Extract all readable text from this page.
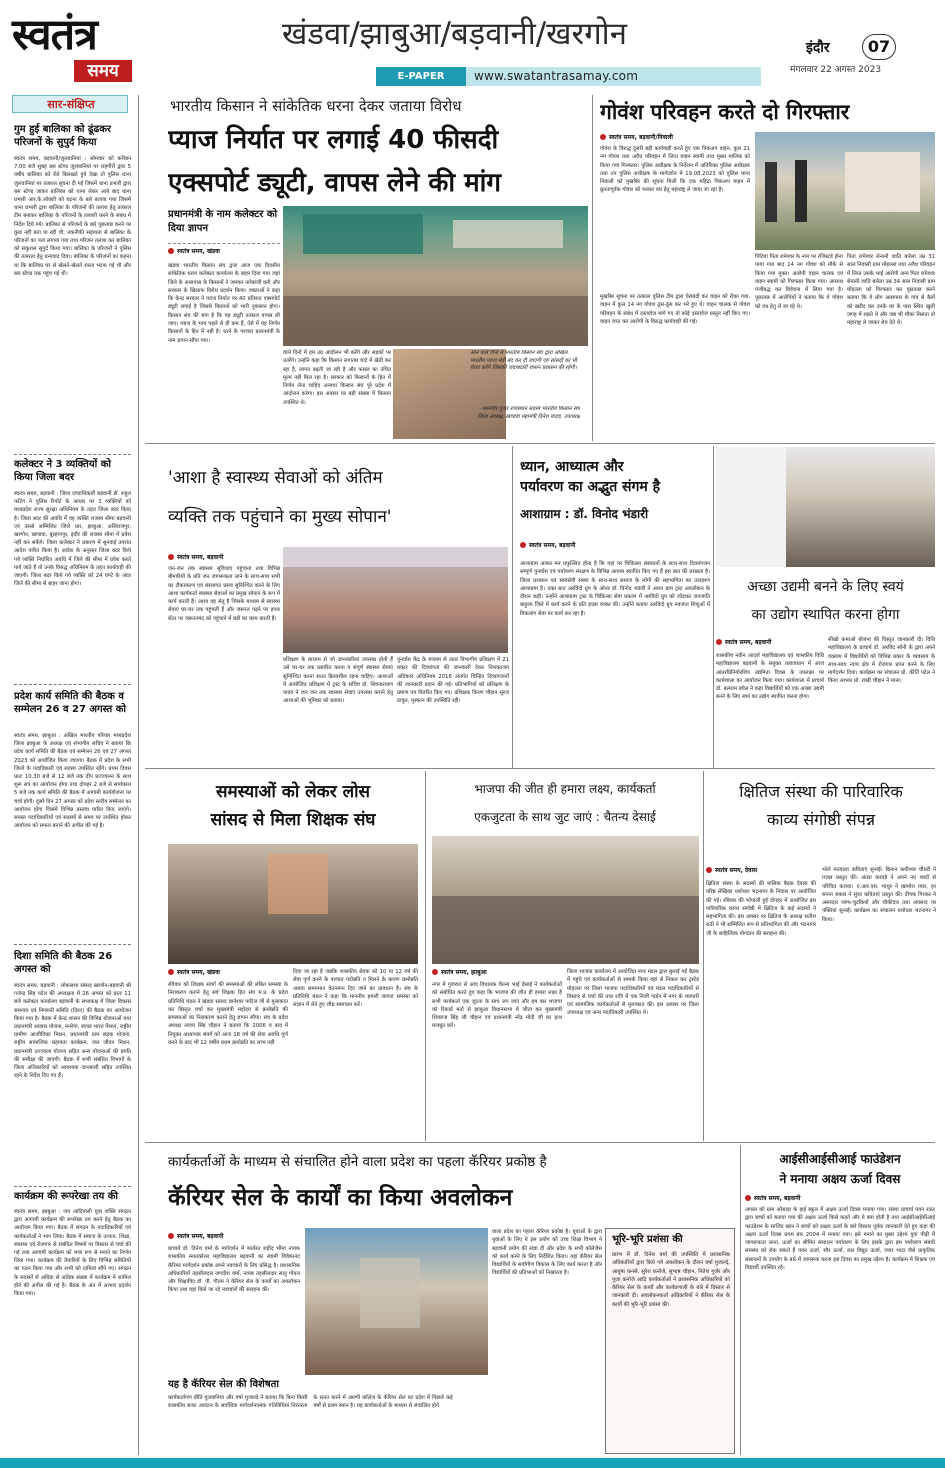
स्वतंत्र
समय
खंडवा/झाबुआ/बड़वानी/खरगोन
E-PAPER	www.swatantrasamay.com
इंदौर	07
मंगलवार 22 अगस्त 2023
सार-संक्षिप्त
गुम हुई बालिका को ढूंढकर परिजनों के सुपुर्द किया
स्वतंत्र समय, बड़वानी/जुलवानियां : सोमवार को करीबन 7.00 बजे सुबह बस स्टेण्ड जुलवानियां पर राहगीरों द्वारा 5 वर्षीय बालिका को रोते बिलखते हुये देखा तो पुलिस थाना जुलवानियां पर तत्काल सूचना दी गई जिसमें थाना प्रभारी द्वारा बस स्टेण्ड जाकर बालिका को थाना लेकर आये बाद थाना प्रभारी आर.के.लोवंशी को घटना के बारे बताया गया जिसमें थाना प्रभारी द्वारा बालिका के परिजनों की तलाश हेतु तत्काल टीम बनाकर बालिका के परिजनों के तलाशी करने के संबंध में निर्देश दिये गये। बालिका से परिजनों के बारे पूछताछ करने पर कुछ नहीं बता पा रही थी, तकनीकी सहायता से बालिका के परिजनों का पता लगाया गया तथा परिजन तलाश कर बालिका को सकुशल सुपुर्द किया गया। बालिका के परिजनों ने पुलिस की तत्परता हेतु धन्यवाद दिया। बालिका के परिजनों का कहना था कि बालिका घर से खेलते-खेलते रास्ता भटक गई थी और बस स्टेण्ड तक पहुंच गई थी।
कलेक्टर ने 3 व्यक्तियों को किया जिला बदर
स्वतंत्र समय, बड़वानी : जिला दण्डाधिकारी बड़वानी डॉ. राहुल फटिंग ने पुलिस रिपोर्ट के आधार पर 3 व्यक्तियों को मध्यप्रदेश राज्य सुरक्षा अधिनियम के तहत जिला बदर किया है। जिला बदर की अवधि में वह व्यक्ति राजस्व सीमा बड़वानी एवं उससे सम्मिलित जिले धार, झाबुआ, अलिराजपुर, खरगोन, खण्डवा, बुरहानपुर, इंदौर की राजस्व सीमा में प्रवेश नहीं कर सकेंगे। जिला कलेक्टर ने प्रकरण में सुनवाई उपरांत आदेश पारित किया है। आदेश के अनुसार जिला बदर किये गये व्यक्ति निर्धारित अवधि में जिले की सीमा में प्रवेश करते पाये जाते हैं तो उनके विरुद्ध अधिनियम के तहत कार्यवाही की जाएगी। जिला बदर किये गये व्यक्ति को 24 घण्टे के अंदर जिले की सीमा से बाहर जाना होगा।
प्रदेश कार्य समिति की बैठक व सम्मेलन 26 व 27 अगस्त को
स्वतंत्र समय, झाबुआ : अखिल भारतीय परिवार मध्यप्रदेश जिला झाबुआ के अध्यक्ष एवं संभागीय सचिव ने बताया कि प्रदेश कार्य समिति की बैठक एवं सम्मेलन 26 एवं 27 अगस्त 2023 को आयोजित किया जाएगा। बैठक में प्रदेश के सभी जिलों के पदाधिकारी एवं सदस्य उपस्थित रहेंगे। प्रथम दिवस प्रातः 10.30 बजे से 12 बजे तक दीप प्रज्ज्वलन के साथ शुरू सत्र का आयोजन होगा तथा दोपहर 2 बजे से सायंकाल 5 बजे तक कार्य समिति की बैठक में आगामी कार्ययोजना पर चर्चा होगी। दूसरे दिन 27 अगस्त को प्रदेश स्तरीय सम्मेलन का आयोजन होगा जिसमें विभिन्न प्रस्ताव पारित किए जाएंगे। समस्त पदाधिकारियों एवं सदस्यों से समय पर उपस्थित होकर आयोजन को सफल बनाने की अपील की गई है।
दिशा समिति की बैठक 26 अगस्त को
स्वतंत्र समय, बड़वानी : लोकसभा सांसद खरगोन-बड़वानी श्री गजेन्द्र सिंह पटेल की अध्यक्षता में 26 अगस्त को प्रातः 11 बजे कलेक्टर कार्यालय बड़वानी के सभाकक्ष में जिला विकास समन्वय एवं निगरानी समिति (दिशा) की बैठक का आयोजन किया गया है। बैठक में केन्द्र शासन की विभिन्न योजनाओं यथा प्रधानमंत्री आवास योजना, मनरेगा, स्वच्छ भारत मिशन, राष्ट्रीय ग्रामीण आजीविका मिशन, प्रधानमंत्री ग्राम सड़क योजना, राष्ट्रीय सामाजिक सहायता कार्यक्रम, जल जीवन मिशन, प्रधानमंत्री उज्ज्वला योजना सहित अन्य योजनाओं की प्रगति की समीक्षा की जाएगी। बैठक में सभी संबंधित विभागों के जिला अधिकारियों को आवश्यक जानकारी सहित उपस्थित रहने के निर्देश दिए गए हैं।
कार्यक्रम की रूपरेखा तय की
स्वतंत्र समय, झाबुआ : जय आदिवासी युवा शक्ति संगठन द्वारा आगामी कार्यक्रम की रूपरेखा तय करने हेतु बैठक का आयोजन किया गया। बैठक में संगठन के पदाधिकारियों एवं कार्यकर्ताओं ने भाग लिया। बैठक में समाज के उत्थान, शिक्षा, स्वास्थ्य एवं रोजगार से संबंधित विषयों पर विस्तार से चर्चा की गई तथा आगामी कार्यक्रम को भव्य रूप से मनाने का निर्णय लिया गया। कार्यक्रम की तैयारियों के लिए विभिन्न समितियों का गठन किया गया और सभी को दायित्व सौंपे गए। संगठन के सदस्यों से अधिक से अधिक संख्या में कार्यक्रम में शामिल होने की अपील की गई है। बैठक के अंत में आभार प्रदर्शन किया गया।
भारतीय किसान ने सांकेतिक धरना देकर जताया विरोध
प्याज निर्यात पर लगाई 40 फीसदी
एक्सपोर्ट ड्यूटी, वापस लेने की मांग
प्रधानमंत्री के नाम कलेक्टर को दिया ज्ञापन
स्वतंत्र समय, खंडवा
खंडवा भारतीय किसान संघ द्वारा आज एक दिवसीय सांकेतिक धरना कलेक्टर कार्यालय के बाहर दिया गया जहां जिले के आसपास के किसानों ने जमकर नारेबाजी करी और सरकार के खिलाफ विरोध प्रदर्शन किया। वक्ताओं ने कहा कि केन्द्र सरकार ने प्याज निर्यात पर 40 प्रतिशत एक्सपोर्ट ड्यूटी लगाई है जिससे किसानों को भारी नुकसान होगा। किसान संघ की मांग है कि यह ड्यूटी तत्काल वापस ली जाए। प्याज के भाव पहले से ही कम हैं, ऐसे में यह निर्णय किसानों के हित में नहीं है। धरने के पश्चात प्रधानमंत्री के नाम ज्ञापन सौंपा गया।
वाले दिनों में हम उग्र आंदोलन भी करेंगे और सड़कों पर उतरेंगे। उन्होंने कहा कि किसान लगातार घाटे में खेती कर रहा है, लागत बढ़ती जा रही है और फसल का उचित मूल्य नहीं मिल रहा है। सरकार को किसानों के हित में निर्णय लेना चाहिए अन्यथा किसान संघ पूरे प्रदेश में आंदोलन करेगा। इस अवसर पर बड़ी संख्या में किसान उपस्थित थे।
आने वाले दिनों में भारतीय किसान संघ द्वारा अखिल भारतीय प्याज मंडी बंद कर दी जाएगी एवं सांसदों का भी घेराव करेंगे जिसकी जवाबदारी शासन प्रशासन की रहेगी।
-धरमवीर गुर्जर राजस्थान सदस्य भारतीय किसान संघ जिला अध्यक्ष, खण्डवा महामंत्री दिनेश यादव, उपाध्यक्ष
गोवंश परिवहन करते दो गिरफ्तार
स्वतंत्र समय, बड़वानी/निवाली
गोवंश के विरुद्ध दूसरी बड़ी कार्यवाही करते हुए एक पिकअप वाहन, कुल 21 नग गोवंश तथा अवैध परिवहन में लिप्त वाहन स्वामी तथा मुख्य मालिक को किया गया गिरफ्तार। पुलिस अधीक्षक के निर्देशन में अतिरिक्त पुलिस अधीक्षक तथा उप पुलिस अधीक्षक के मार्गदर्शन में 19.08.2023 को पुलिस थाना निवाली को मुखबिर की सूचना मिली कि एक महिंद्रा पिकअप वाहन में क्रूरतापूर्वक गोवंश को भरकर वध हेतु महाराष्ट्र ले जाया जा रहा है।
मुखबिर सूचना पर तत्काल पुलिस टीम द्वारा घेराबंदी कर वाहन को रोका गया, वाहन में कुल 14 नग गोवंश ठूंस-ठूंस कर भरे हुए थे। वाहन चालक से गोवंश परिवहन के संबंध में दस्तावेज मांगे गए तो कोई दस्तावेज प्रस्तुत नहीं किए गए। वाहन जप्त कर आरोपी के विरुद्ध कार्यवाही की गई।
पिटिया पिता रामेश्वर के नाम पर रजिस्टर्ड होना पाया गया बाद 14 नग गोवंश को मौके से किया गया मुक्त। आरोपी वाहन चालक एवं वाहन स्वामी को गिरफ्तार किया गया। अपराध पंजीबद्ध कर विवेचना में लिया गया है। पूछताछ में आरोपियों ने बताया कि वे गोवंश को वध हेतु ले जा रहे थे।
पिता रामेश्वर सेनानी जाति बारेला उम्र 31 साल निवासी ग्राम मोहल्ला तथा अवैध परिवहन में लिप्त उसके भाई आरोपी अन्य पिता रामेश्वर सेनानी जाति बारेला उम्र 34 साल निवासी ग्राम मोहल्ला को गिरफ्तार कर पूछताछ करने बताया कि वे लोग आसपास के गांव से बैलों को खरीद कर उनके घर के पास स्थित खुली जगह में रखते थे और जब भी मौका मिलता तो महाराष्ट्र ले जाकर बेच देते थे।
'आशा है स्वास्थ्य सेवाओं को अंतिम
व्यक्ति तक पहुंचाने का मुख्य सोपान'
स्वतंत्र समय, बड़वानी
जन-जन तक स्वास्थ्य सुविधाएं पहुंचाना तथा विभिन्न बीमारियों के प्रति जन जागरूकता लाने के साथ-साथ सभी का टीकाकरण एवं संस्थागत प्रसव सुनिश्चित करने के लिए आशा कार्यकर्ता स्वास्थ्य सेवाओं का प्रमुख सोपान के रूप में कार्य करती हैं। आशा वह सेतु है जिसके माध्यम से स्वास्थ्य सेवाएं घर-घर तक पहुंचती हैं और जरूरत पड़ने पर हायर सेंटर पर जरूरतमंद को पहुंचाने में बड़ी का काम करती हैं।
प्रशिक्षण के माध्यम से जो जानकारियां उपलब्ध होती हैं उसे घर-घर तक प्रसारित करना व संपूर्ण स्वास्थ्य सेवाएं सुनिश्चित करना सतत क्रियाशील रहना चाहिए। आशाओं में आयोजित प्रशिक्षण में ट्रस्ट के सचिव डॉ. शिवनारायण यादव ने जन जन तक स्वास्थ्य सेवाएं उपलब्ध कराने हेतु आशाओं की भूमिका को बताया।
पुनर्वास केंद्र के माध्यम से अंतर विभागीय प्रशिक्षण में 21 प्रकार की दिव्यांगता की जानकारी देकर निशक्तजन अधिकार अधिनियम 2016 अंतर्गत चिन्हित दिव्यांगजनों की जानकारी प्रदान की गई। प्रतिभागियों को प्रशिक्षण के प्रमाण पत्र वितरित किए गए। प्रशिक्षक किरण चौहान सूरज ठाकुर, मुस्कान की उपस्थिति रही।
ध्यान, आध्यात्म और
पर्यावरण का अद्भुत संगम है
आशाग्राम : डॉ. विनोद भंडारी
स्वतंत्र समय, बड़वानी
आशाग्राम आकर मन प्रफुल्लित होता है कि यहां पर चिकित्सा संसाधनों के साथ-साथ दिव्यांगजन सम्पूर्ण पुनर्वास एवं पर्यावरण संरक्षण के विभिन्न आयाम स्थापित किए गए हैं इस बात की प्रसन्नता है। जिला प्रशासन एवं स्वयंसेवी संस्था के साथ-साथ समाज के लोगों की सहभागिता का उदाहरण आशाग्राम है। उक्त बात अरविंदो ग्रुप के ओनर डॉ. विनोद भंडारी ने आशा ग्राम ट्रस्ट अवलोकन के दौरान कही। उन्होंने आशाग्राम ट्रस्ट के चिकित्सा सेवा प्रकल्प में अरविंदो ग्रुप को जोड़कर जनजाति बाहुल्य जिले में कार्य करने के प्रति इच्छा व्यक्त की। उन्होंने बताया अरविंदो ग्रुप नवजात शिशुओं में विकलांग सेवा पर कार्य कर रहा है।
अच्छा उद्यमी बनने के लिए स्वयं
का उद्योग स्थापित करना होगा
स्वतंत्र समय, बड़वानी
शासकीय नवीन आदर्श महाविद्यालय एवं शासकीय विधि महाविद्यालय बड़वानी के संयुक्त तत्वावधान में आज आंतरप्रिनियोरशिप उद्यमिता दिवस के उपलक्ष्य पर कार्यशाला का आयोजन किया गया। कार्यशाला में प्राचार्य डॉ. बलराम बघेल ने कहा विद्यार्थियों को एक अच्छा उद्यमी बनने के लिए स्वयं का उद्योग स्थापित करना होगा।
सीखो कमाओ योजना की विस्तृत जानकारी दी। विधि महाविद्यालय के प्राचार्य डॉ. अरविंद सोनी के द्वारा अपने वक्तव्य में विद्यार्थियों को विभिन्न प्रकार के व्यवसाय के साथ-साथ न्याय क्षेत्र में रोजगार प्राप्त करने के लिए मार्गदर्शन दिया। कार्यक्रम का संचालन प्रो. कीर्ति पटेल ने किया आभार प्रो. राखी चौहान ने माना।
समस्याओं को लेकर लोस
सांसद से मिला शिक्षक संघ
स्वतंत्र समय, खंडवा
रविवार को शिक्षक संवर्ग की समस्याओं की लंबित समस्या के निराकरण कराने हेतु सर्व शिक्षक हित संघ म.प्र. के प्रदेश प्रतिनिधि मंडल ने खंडवा सांसद ज्ञानेश्वर पाटिल जी से मुलाकात कर विस्तृत चर्चा कर मुख्यमंत्री महोदय से क्रमोन्नति की समस्याओं का निराकरण कराने हेतु ज्ञापन सौंपा। संघ के प्रदेश अध्यक्ष अजय सिंह चौहान ने बताया कि 2006 व बाद में नियुक्त अध्यापक संवर्ग को आज 18 वर्ष की सेवा अवधि पूर्ण करने के बाद भी 12 वर्षीय प्रथम क्रमोन्नति का लाभ नहीं
दिया जा रहा है जबकि शासकीय सेवक को 10 या 12 वर्ष की सेवा पूर्ण करने के पश्चात पदोन्नति न मिलने के कारण क्रमोन्नति अथवा समयमान वेतनमान दिए जाने का प्रावधान है। संघ के प्रतिनिधि मंडल ने कहा कि माननीय हमारी जायज समस्या को संज्ञान में लेते हुए शीघ्र समाधान करें।
भाजपा की जीत ही हमारा लक्ष्य, कार्यकर्ता
एकजुटता के साथ जुट जाएं : चैतन्य देसाई
स्वतंत्र समय, झाबुआ
नगर में गुजरात से आए विधायक चैतन्य भाई देसाई ने कार्यकर्ताओं को संबोधित करते हुए कहा कि भाजपा की जीत ही हमारा लक्ष्य है सभी कार्यकर्ता एक जुटता के साथ लग जाएं और हम बार भाजपा को रिकार्ड मतों से झाबुआ विधानसभा में जीता कर मुख्यमंत्री शिवराज सिंह जी चौहान एवं प्रधानमंत्री नरेंद्र मोदी जी का हाथ मजबूत करें।
जिला भाजपा कार्यालय में आयोजित नगर मंडल द्वारा बुलाई गई बैठक में पहुंचे एवं कार्यकर्ताओं से सम्पर्क किया वहां से निकल कर ट्रस्टेड मोहल्ला पर जिला भाजपा पदाधिकारियों एवं मंडल पदाधिकारियों से विस्तार से चर्चा की तथा रात्रि में एक निजी गार्डन में नगर के व्यापारी एवं सामाजिक कार्यकर्ताओं से मुलाकात की। इस अवसर पर जिला उपाध्यक्ष एवं अन्य पदाधिकारी उपस्थित थे।
क्षितिज संस्था की पारिवारिक
काव्य संगोष्ठी संपन्न
स्वतंत्र समय, देवास
क्षितिज संस्था के सदस्यों की मासिक बैठक देवास की वरिष्ठ लेखिका यशोधरा भटनागर के निवास पर आयोजित की गई। रविवार की भोपाली हुई दोपहर में आयोजित इस पारिवारिक काव्य संगोष्ठी में क्षितिज के कई सदस्यों ने सहभागिता की। इस अवसर पर क्षितिज के अध्यक्ष सतीश राठी ने भी सम्मिलित रूप से प्रतिभागिता की और भटनागर जी के साहित्यिक योगदान की सराहना की।
भोले मतवाला कविताएं सुनाईं। किशन कवीश्वर चौधरी ने ग़ज़ल प्रस्तुत की। अंतरा करवड़े ने अपने नए शब्दों से परिचित कराया। ए.आर.एस. माथुर ने खामोश प्यार, हर सपना सकार ने सुंदर कविताएं प्रस्तुत कीं। दीपक गिरकर ने असरदार व्यंग्य-चुटकियों और चौकीदार तथा अवसाद पर पंक्तियां सुनाईं। कार्यक्रम का संचालन यशोधरा भटनागर ने किया।
कार्यकर्ताओं के माध्यम से संचालित होने वाला प्रदेश का पहला कॅरियर प्रकोष्ठ है
कॅरियर सेल के कार्यों का किया अवलोकन
स्वतंत्र समय, बड़वानी
प्राचार्य डॉ. दिनेश वर्मा के मार्गदर्शन में कार्यरत शहीद भीमा नायक शासकीय स्नातकोत्तर महाविद्यालय बड़वानी का स्वामी विवेकानंद कॅरियर मार्गदर्शन प्रकोष्ठ अपने नवाचारों के लिए प्रसिद्ध है। प्रशासनिक अधिकारियों तहसीलदार जगदीश वर्मा, नायब तहसीलदार सानु गोयल और शिक्षाविद डॉ. पी. गौतम ने कॅरियर सेल के कार्यों का अवलोकन किया तथा यहां किये जा रहे नवाचारों की सराहना की।
यह है कॅरियर सेल की विशेषता
कार्यकर्तागण प्रीति गुलवानिया और वर्षा मुजाल्दे ने बताया कि बिना किसी शासकीय बजट आवंटन के सर्वाधिक मार्गदर्शनात्मक गतिविधियां निरंतरता के सतत करने में अग्रणी कॉलेज के कॅरियर सेल का प्रदेश में पिछले कई वर्षों से प्रथम स्थान है। यह कार्यकर्ताओं के माध्यम से संचालित होने
वाला प्रदेश का पहला कॅरियर प्रकोष्ठ है। युवाओं के द्वारा युवाओं के लिए ये इस प्रयोग को उच्च शिक्षा विभाग ने बड़वानी प्रयोग की संज्ञा दी और प्रदेश के सभी कॉलेजेस को कार्य करने के लिए निर्देशित किया। यहां कॅरियर सेल विद्यार्थियों के सर्वांगीण विकास के लिए कार्य करता है और विद्यार्थियों की प्रतिभाओं को निखारता है।
भूरि-भूरि प्रशंसा की
प्रारंभ में डॉ. दिनेश वर्मा की उपस्थिति में प्रशासनिक अधिकारियों द्वारा किये गये अवलोकन के दौरान वर्षा मुजाल्दे, आयुषा कनसे, सुरेश कनोजे, सुभाष चौहान, नितेश गुर्जर और पूजा कनोजे आदि कार्यकर्ताओं ने प्रशासनिक अधिकारियों को कॅरियर सेल के कार्यों और कार्यप्रणाली के बारे में विस्तार से जानकारी दी। अवलोकनकर्ता अधिकारियों ने कॅरियर सेल के कार्यों की भूरि-भूरि प्रशंसा की।
आईसीआईसीआई फाउंडेशन
ने मनाया अक्षय ऊर्जा दिवस
स्वतंत्र समय, बड़वानी
अगस्त को ग्राम ओसाड़ा के हाई स्कूल में अक्षय ऊर्जा दिवस मनाया गया। संस्था प्राचार्य पवन राठर द्वारा बच्चों को बताया गया की अक्षय ऊर्जा किसे कहते और ये क्या होती है तथा आईसीआईसीआई फाउंडेशन के साजिद खान ने बच्चों को अक्षय ऊर्जा के बारे विस्तार पूर्वक जानकारी देते हुए कहा की अक्षय ऊर्जा दिवस प्रथम बार 2004 में मनाया गया। इसे मनाने का मुख्य उद्देश्य युवा पीढ़ी में जागरूकता लाना, ऊर्जा का सीमित संसाधन पर्यावरण के लिए इसके द्वारा इस पर्यावरण संबंधी समस्या को रोक सकते हैं पवन ऊर्जा, सौर ऊर्जा, जल विद्युत ऊर्जा, ज्वार भाटा जैसे प्राकृतिक संसाधनों के उपयोग के बारे में जागरूक करना इस दिवस का प्रमुख उद्देश्य है। कार्यक्रम में शिक्षक एवं विद्यार्थी उपस्थित रहे।
